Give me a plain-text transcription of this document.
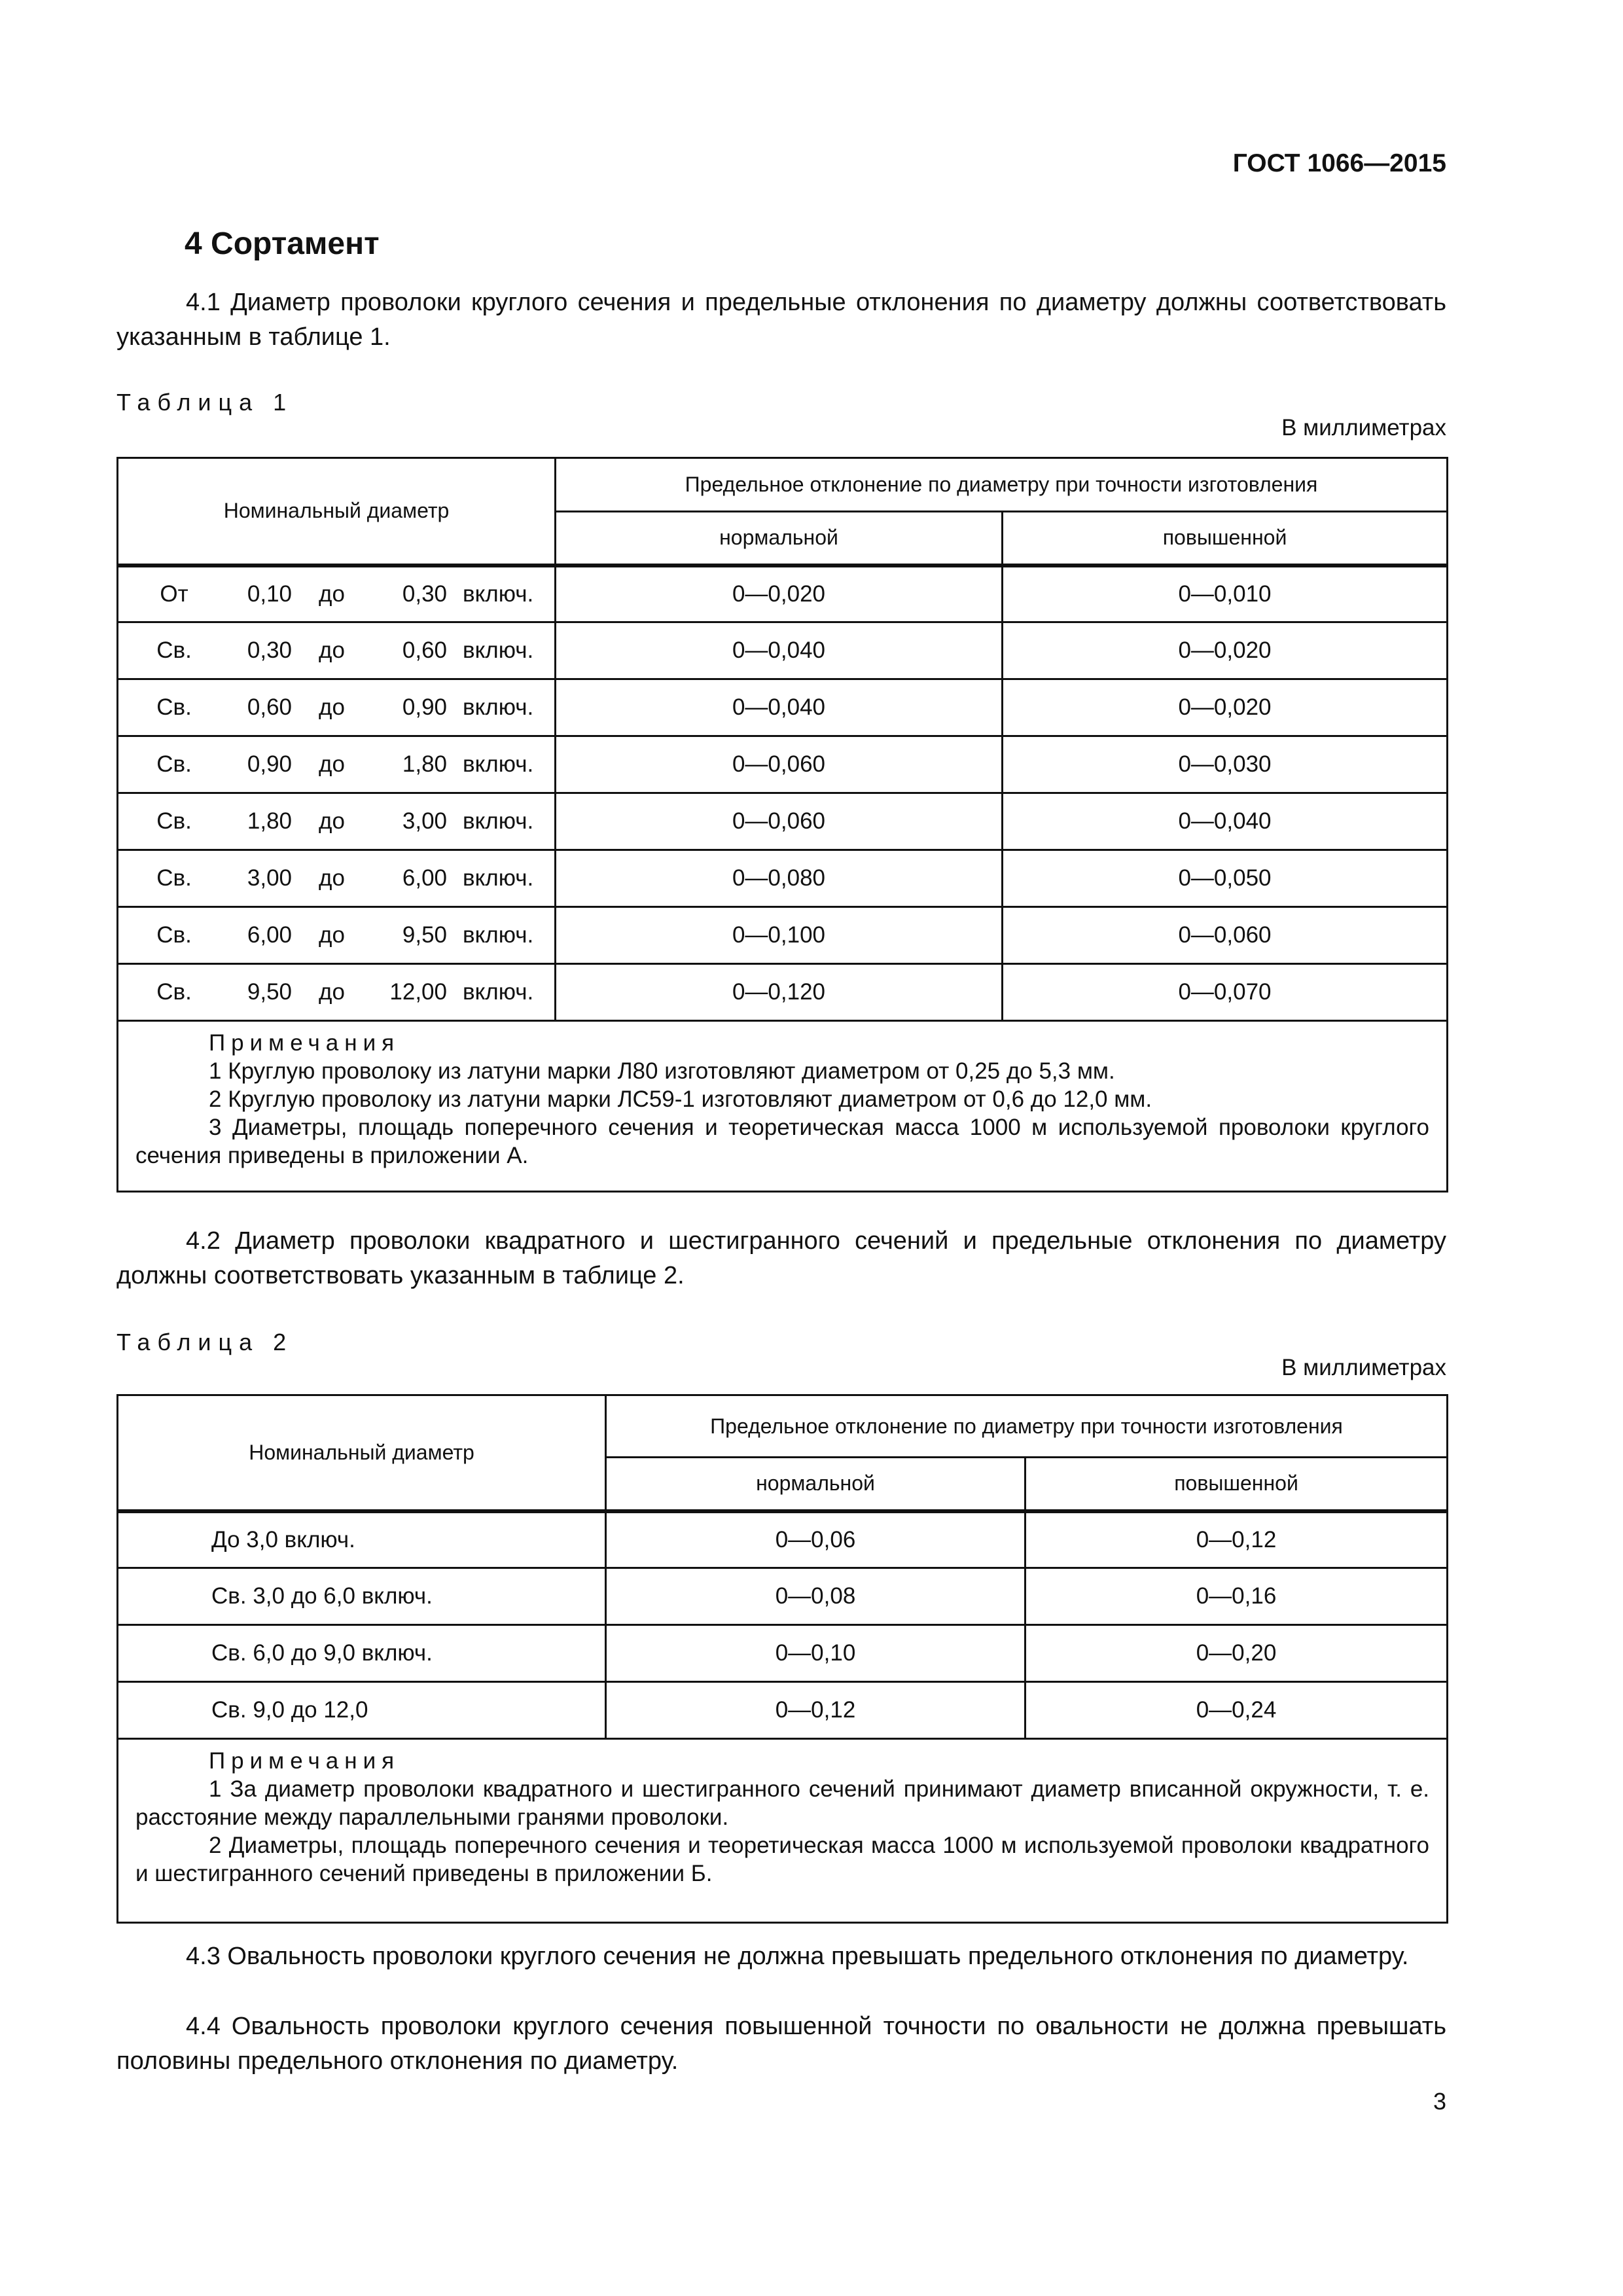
ГОСТ 1066—2015
4 Сортамент
4.1 Диаметр проволоки круглого сечения и предельные отклонения по диаметру должны соответствовать указанным в таблице 1.
Таблица 1
В миллиметрах
Номинальный диаметр	Предельное отклонение по диаметру при точности изготовления	
	нормальной	повышенной

От 0,10 до 0,30 включ.	0—0,020	0—0,010

Св. 0,30 до 0,60 включ.	0—0,040	0—0,020

Св. 0,60 до 0,90 включ.	0—0,040	0—0,020

Св. 0,90 до 1,80 включ.	0—0,060	0—0,030

Св. 1,80 до 3,00 включ.	0—0,060	0—0,040

Св. 3,00 до 6,00 включ.	0—0,080	0—0,050

Св. 6,00 до 9,50 включ.	0—0,100	0—0,060

Св. 9,50 до 12,00 включ.	0—0,120	0—0,070

Примечания
1 Круглую проволоку из латуни марки Л80 изготовляют диаметром от 0,25 до 5,3 мм.
2 Круглую проволоку из латуни марки ЛС59-1 изготовляют диаметром от 0,6 до 12,0 мм.
3 Диаметры, площадь поперечного сечения и теоретическая масса 1000 м используемой проволоки круглого сечения приведены в приложении А.		
4.2 Диаметр проволоки квадратного и шестигранного сечений и предельные отклонения по диаметру должны соответствовать указанным в таблице 2.
Таблица 2
В миллиметрах
Номинальный диаметр	Предельное отклонение по диаметру при точности изготовления	
	нормальной	повышенной
До 3,0 включ.	0—0,06	0—0,12
Св. 3,0 до 6,0 включ.	0—0,08	0—0,16
Св. 6,0 до 9,0 включ.	0—0,10	0—0,20
Св. 9,0 до 12,0	0—0,12	0—0,24

Примечания
1 За диаметр проволоки квадратного и шестигранного сечений принимают диаметр вписанной окружности, т. е. расстояние между параллельными гранями проволоки.
2 Диаметры, площадь поперечного сечения и теоретическая масса 1000 м используемой проволоки квадратного и шестигранного сечений приведены в приложении Б.		
4.3 Овальность проволоки круглого сечения не должна превышать предельного отклонения по диаметру.
4.4 Овальность проволоки круглого сечения повышенной точности по овальности не должна превышать половины предельного отклонения по диаметру.
3
